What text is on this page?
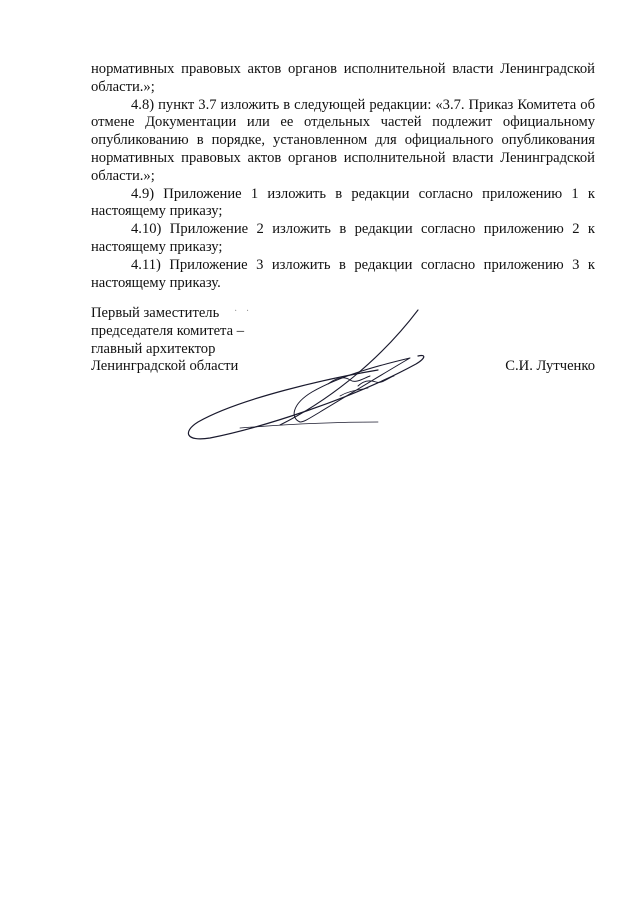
нормативных правовых актов органов исполнительной власти Ленинградской области.»;

4.8) пункт 3.7 изложить в следующей редакции: «3.7. Приказ Комитета об отмене Документации или ее отдельных частей подлежит официальному опубликованию в порядке, установленном для официального опубликования нормативных правовых актов органов исполнительной власти Ленинградской области.»;

4.9) Приложение 1 изложить в редакции согласно приложению 1 к настоящему приказу;

4.10) Приложение 2 изложить в редакции согласно приложению 2 к настоящему приказу;

4.11) Приложение 3 изложить в редакции согласно приложению 3 к настоящему приказу.

Первый заместитель
председателя комитета –
главный архитектор
Ленинградской области	С.И. Лутченко
· ·
